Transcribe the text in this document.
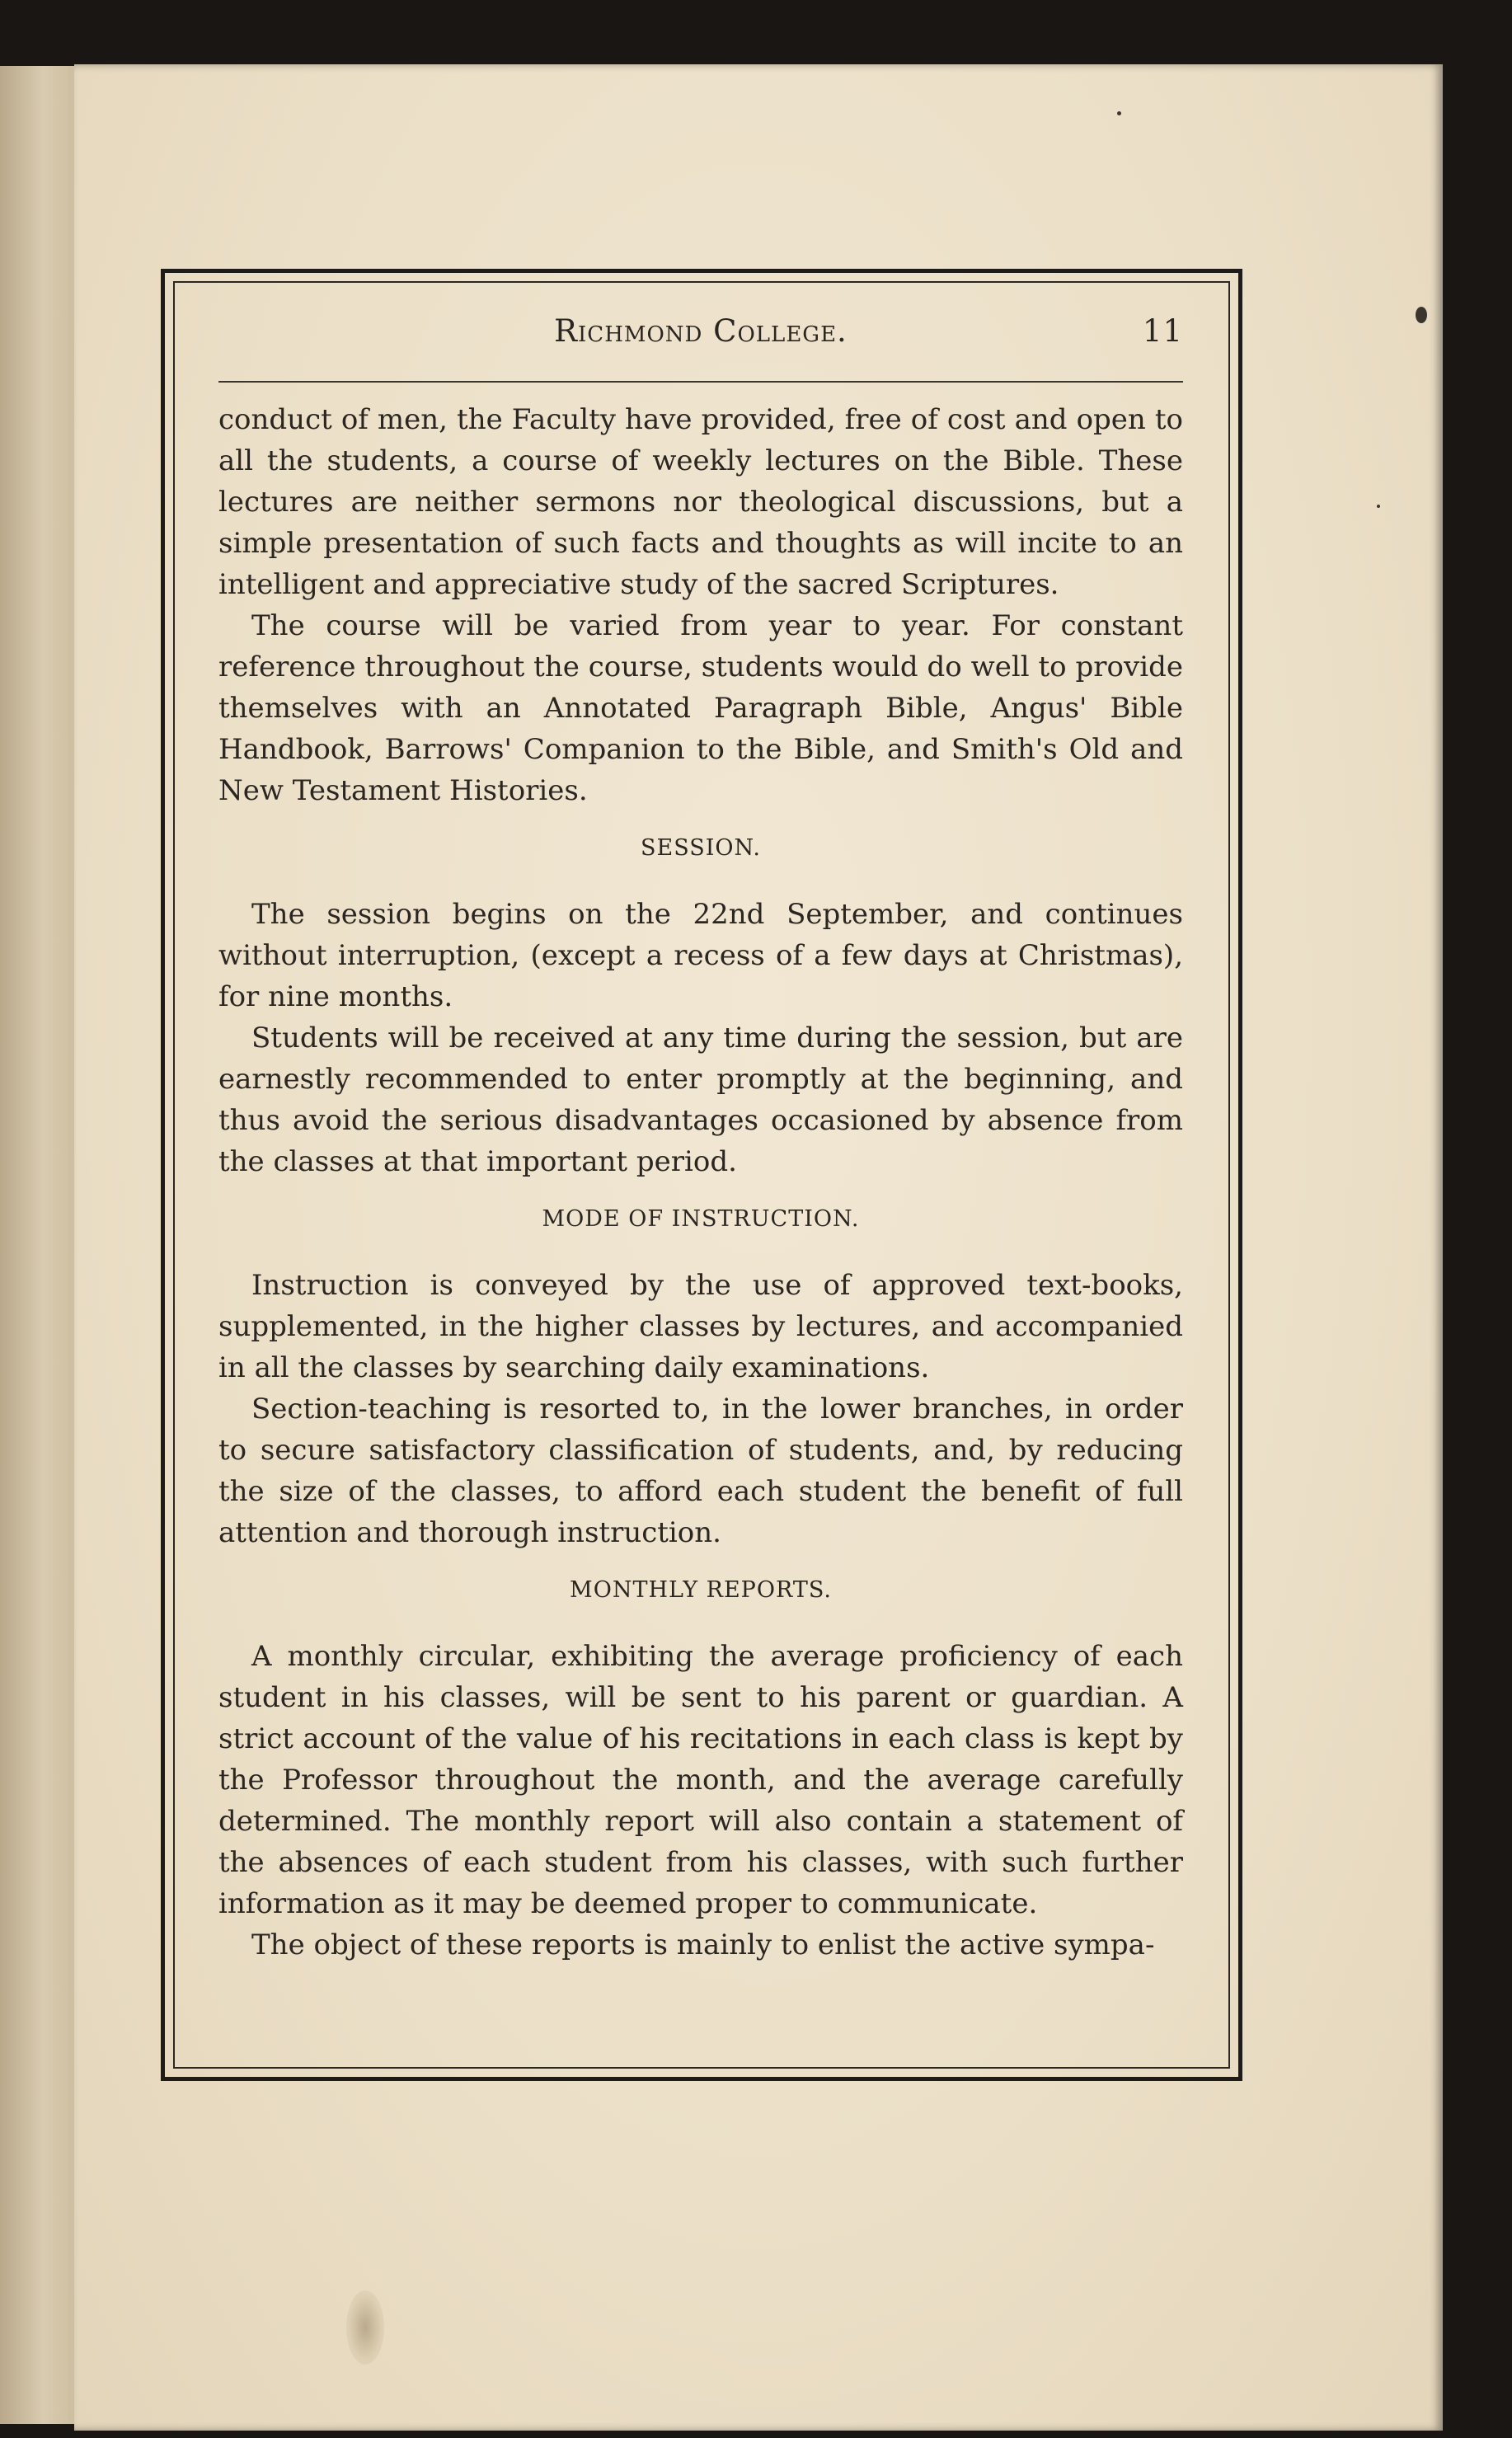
Richmond College.	11

conduct of men, the Faculty have provided, free of cost and open to all the students, a course of weekly lectures on the Bible. These lectures are neither sermons nor theological discussions, but a simple presentation of such facts and thoughts as will incite to an intelligent and appreciative study of the sacred Scriptures.

The course will be varied from year to year. For constant reference throughout the course, students would do well to provide themselves with an Annotated Paragraph Bible, Angus' Bible Handbook, Barrows' Companion to the Bible, and Smith's Old and New Testament Histories.

SESSION.

The session begins on the 22nd September, and continues without interruption, (except a recess of a few days at Christmas), for nine months.

Students will be received at any time during the session, but are earnestly recommended to enter promptly at the beginning, and thus avoid the serious disadvantages occasioned by absence from the classes at that important period.

MODE OF INSTRUCTION.

Instruction is conveyed by the use of approved text-books, supplemented, in the higher classes by lectures, and accompanied in all the classes by searching daily examinations.

Section-teaching is resorted to, in the lower branches, in order to secure satisfactory classification of students, and, by reducing the size of the classes, to afford each student the benefit of full attention and thorough instruction.

MONTHLY REPORTS.

A monthly circular, exhibiting the average proficiency of each student in his classes, will be sent to his parent or guardian. A strict account of the value of his recitations in each class is kept by the Professor throughout the month, and the average carefully determined. The monthly report will also contain a statement of the absences of each student from his classes, with such further information as it may be deemed proper to communicate.

The object of these reports is mainly to enlist the active sympa-
